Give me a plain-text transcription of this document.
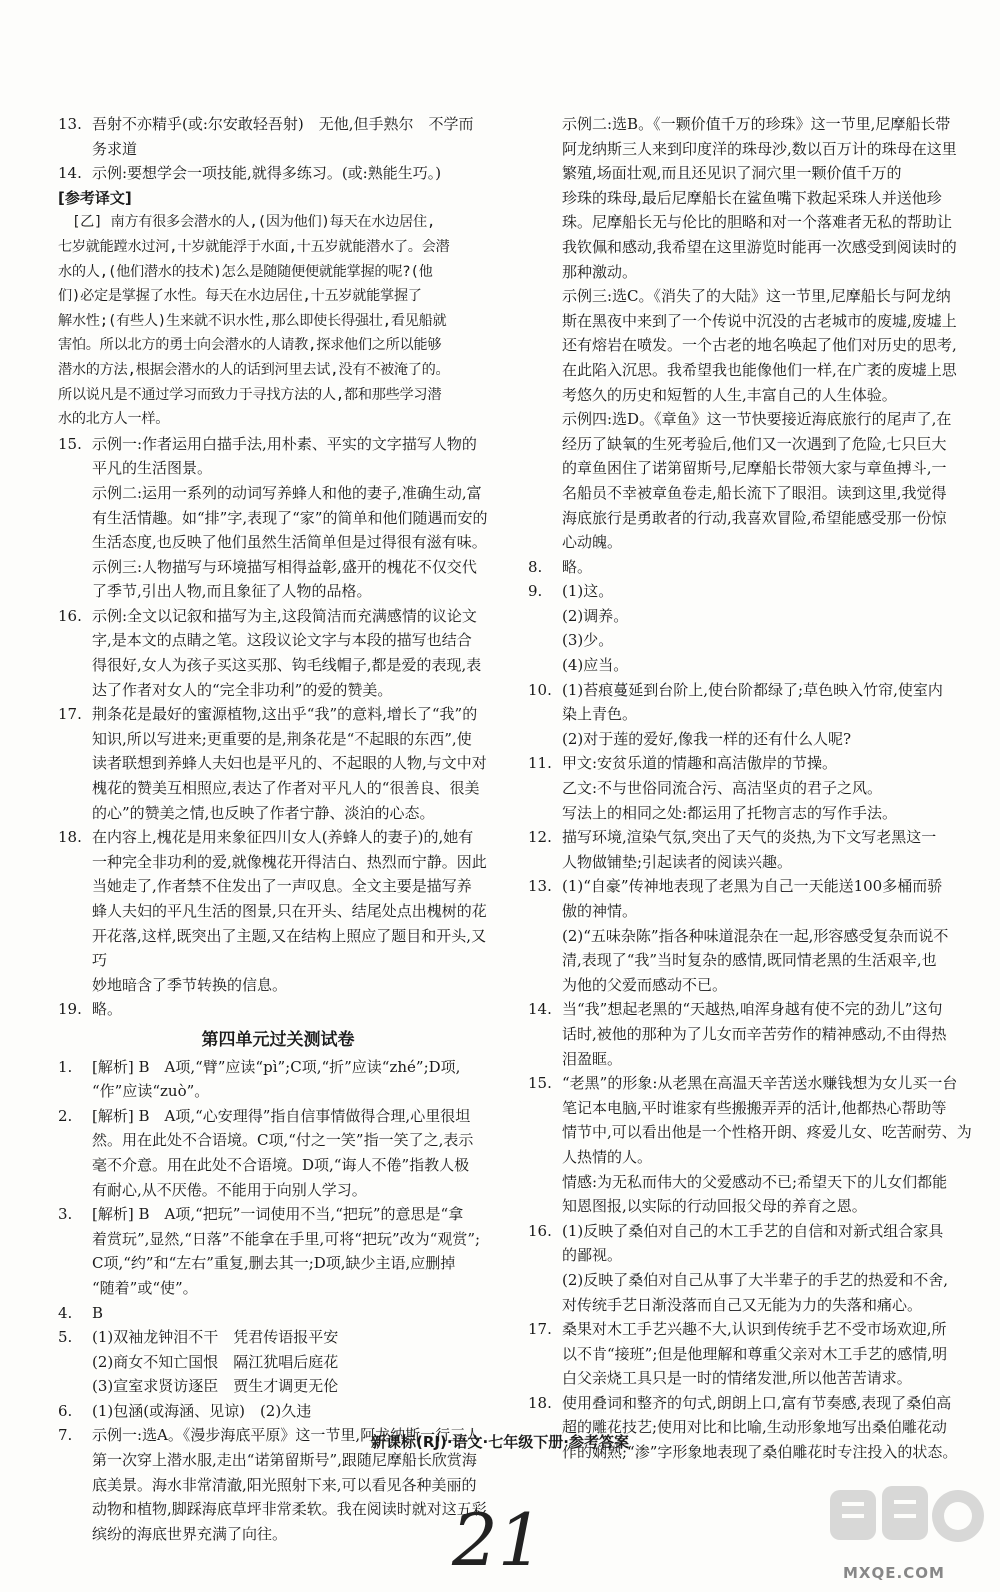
13. 吾射不亦精乎(或:尔安敢轻吾射)　无他,但手熟尔　不学而
务求道
14. 示例:要想学会一项技能,就得多练习。(或:熟能生巧。)
[参考译文]
　[乙] 南方有很多会潜水的人,(因为他们)每天在水边居住,
七岁就能蹚水过河,十岁就能浮于水面,十五岁就能潜水了。会潜
水的人,(他们潜水的技术)怎么是随随便便就能掌握的呢?(他
们)必定是掌握了水性。每天在水边居住,十五岁就能掌握了
解水性;(有些人)生来就不识水性,那么即使长得强壮,看见船就
害怕。所以北方的勇士向会潜水的人请教,探求他们之所以能够
潜水的方法,根据会潜水的人的话到河里去试,没有不被淹了的。
所以说凡是不通过学习而致力于寻找方法的人,都和那些学习潜
水的北方人一样。
15. 示例一:作者运用白描手法,用朴素、平实的文字描写人物的
平凡的生活图景。
示例二:运用一系列的动词写养蜂人和他的妻子,准确生动,富
有生活情趣。如“排”字,表现了“家”的简单和他们随遇而安的
生活态度,也反映了他们虽然生活简单但是过得很有滋有味。
示例三:人物描写与环境描写相得益彰,盛开的槐花不仅交代
了季节,引出人物,而且象征了人物的品格。
16. 示例:全文以记叙和描写为主,这段简洁而充满感情的议论文
字,是本文的点睛之笔。这段议论文字与本段的描写也结合
得很好,女人为孩子买这买那、钩毛线帽子,都是爱的表现,表
达了作者对女人的“完全非功利”的爱的赞美。
17. 荆条花是最好的蜜源植物,这出乎“我”的意料,增长了“我”的
知识,所以写进来;更重要的是,荆条花是“不起眼的东西”,使
读者联想到养蜂人夫妇也是平凡的、不起眼的人物,与文中对
槐花的赞美互相照应,表达了作者对平凡人的“很善良、很美
的心”的赞美之情,也反映了作者宁静、淡泊的心态。
18. 在内容上,槐花是用来象征四川女人(养蜂人的妻子)的,她有
一种完全非功利的爱,就像槐花开得洁白、热烈而宁静。因此
当她走了,作者禁不住发出了一声叹息。全文主要是描写养
蜂人夫妇的平凡生活的图景,只在开头、结尾处点出槐树的花
开花落,这样,既突出了主题,又在结构上照应了题目和开头,又巧
妙地暗含了季节转换的信息。
19. 略。
第四单元过关测试卷
1.	[解析] B　A项,“臂”应读“pì”;C项,“折”应读“zhé”;D项,
“作”应读“zuò”。
2.	[解析] B　A项,“心安理得”指自信事情做得合理,心里很坦
然。用在此处不合语境。C项,“付之一笑”指一笑了之,表示
毫不介意。用在此处不合语境。D项,“诲人不倦”指教人极
有耐心,从不厌倦。不能用于向别人学习。
3.	[解析] B　A项,“把玩”一词使用不当,“把玩”的意思是“拿
着赏玩”,显然,“日落”不能拿在手里,可将“把玩”改为“观赏”;
C项,“约”和“左右”重复,删去其一;D项,缺少主语,应删掉
“随着”或“使”。
4.	B
5.	(1)双袖龙钟泪不干　凭君传语报平安
(2)商女不知亡国恨　隔江犹唱后庭花
(3)宣室求贤访逐臣　贾生才调更无伦
6.	(1)包涵(或海涵、见谅)　(2)久违
7.	示例一:选A。《漫步海底平原》这一节里,阿龙纳斯一行三人
第一次穿上潜水服,走出“诺第留斯号”,跟随尼摩船长欣赏海
底美景。海水非常清澈,阳光照射下来,可以看见各种美丽的
动物和植物,脚踩海底草坪非常柔软。我在阅读时就对这五彩
缤纷的海底世界充满了向往。
示例二:选B。《一颗价值千万的珍珠》这一节里,尼摩船长带
阿龙纳斯三人来到印度洋的珠母沙,数以百万计的珠母在这里
繁殖,场面壮观,而且还见识了洞穴里一颗价值千万的
珍珠的珠母,最后尼摩船长在鲨鱼嘴下救起采珠人并送他珍
珠。尼摩船长无与伦比的胆略和对一个落难者无私的帮助让
我钦佩和感动,我希望在这里游览时能再一次感受到阅读时的
那种激动。
示例三:选C。《消失了的大陆》这一节里,尼摩船长与阿龙纳
斯在黑夜中来到了一个传说中沉没的古老城市的废墟,废墟上
还有熔岩在喷发。一个古老的地名唤起了他们对历史的思考,
在此陷入沉思。我希望我也能像他们一样,在广袤的废墟上思
考悠久的历史和短暂的人生,丰富自己的人生体验。
示例四:选D。《章鱼》这一节快要接近海底旅行的尾声了,在
经历了缺氧的生死考验后,他们又一次遇到了危险,七只巨大
的章鱼困住了诺第留斯号,尼摩船长带领大家与章鱼搏斗,一
名船员不幸被章鱼卷走,船长流下了眼泪。读到这里,我觉得
海底旅行是勇敢者的行动,我喜欢冒险,希望能感受那一份惊
心动魄。
8.	略。
9.	(1)这。
(2)调养。
(3)少。
(4)应当。
10. (1)苔痕蔓延到台阶上,使台阶都绿了;草色映入竹帘,使室内
染上青色。
(2)对于莲的爱好,像我一样的还有什么人呢?
11. 甲文:安贫乐道的情趣和高洁傲岸的节操。
乙文:不与世俗同流合污、高洁坚贞的君子之风。
写法上的相同之处:都运用了托物言志的写作手法。
12. 描写环境,渲染气氛,突出了天气的炎热,为下文写老黑这一
人物做铺垫;引起读者的阅读兴趣。
13. (1)“自豪”传神地表现了老黑为自己一天能送100多桶而骄
傲的神情。
(2)“五味杂陈”指各种味道混杂在一起,形容感受复杂而说不
清,表现了“我”当时复杂的感情,既同情老黑的生活艰辛,也
为他的父爱而感动不已。
14. 当“我”想起老黑的“天越热,咱浑身越有使不完的劲儿”这句
话时,被他的那种为了儿女而辛苦劳作的精神感动,不由得热
泪盈眶。
15. “老黑”的形象:从老黑在高温天辛苦送水赚钱想为女儿买一台
笔记本电脑,平时谁家有些搬搬弄弄的活计,他都热心帮助等
情节中,可以看出他是一个性格开朗、疼爱儿女、吃苦耐劳、为
人热情的人。
情感:为无私而伟大的父爱感动不已;希望天下的儿女们都能
知恩图报,以实际的行动回报父母的养育之恩。
16. (1)反映了桑伯对自己的木工手艺的自信和对新式组合家具
的鄙视。
(2)反映了桑伯对自己从事了大半辈子的手艺的热爱和不舍,
对传统手艺日渐没落而自己又无能为力的失落和痛心。
17. 桑果对木工手艺兴趣不大,认识到传统手艺不受市场欢迎,所
以不肯“接班”;但是他理解和尊重父亲对木工手艺的感情,明
白父亲烧工具只是一时的情绪发泄,所以他苦苦请求。
18. 使用叠词和整齐的句式,朗朗上口,富有节奏感,表现了桑伯高
超的雕花技艺;使用对比和比喻,生动形象地写出桑伯雕花动
作的娴熟;“渗”字形象地表现了桑伯雕花时专注投入的状态。
新课标(RJ)·语文·七年级下册·参考答案
21	MXQE.COM
